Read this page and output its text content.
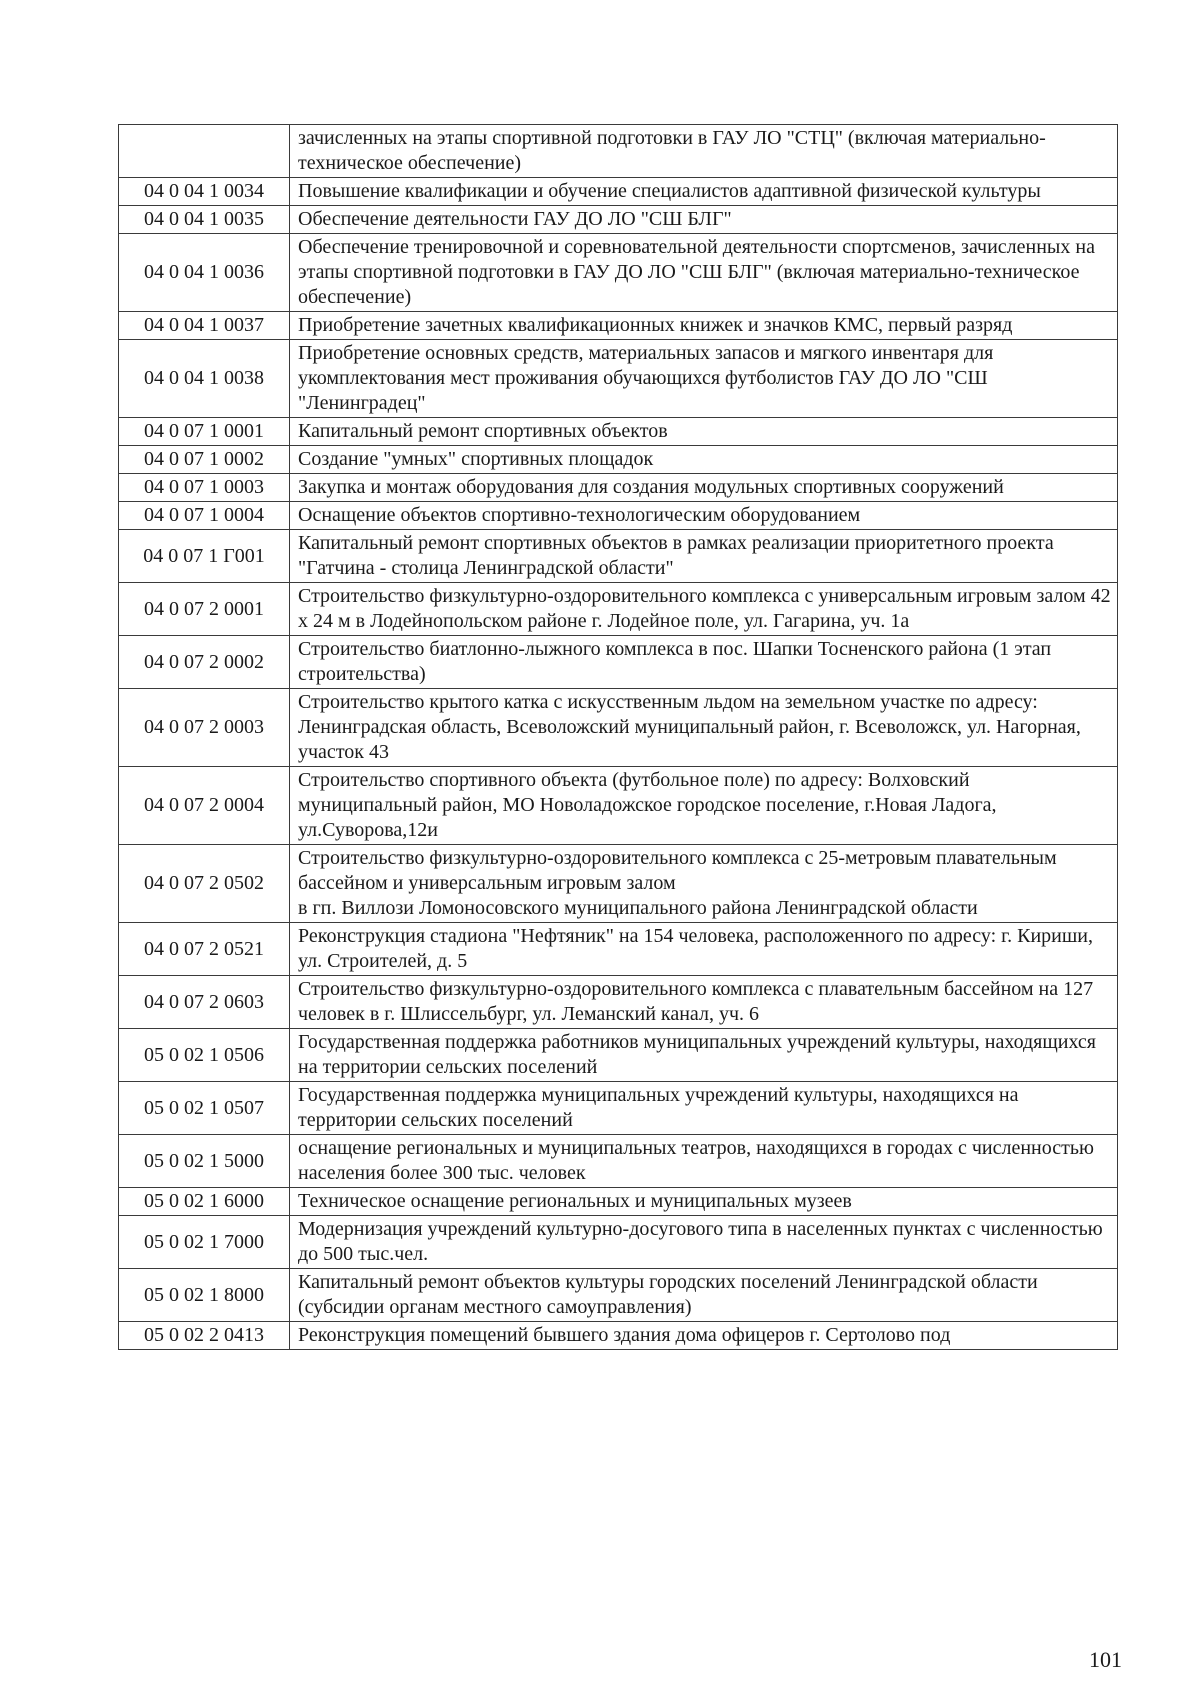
	зачисленных на этапы спортивной подготовки в ГАУ ЛО "СТЦ" (включая материально-техническое обеспечение)
04 0 04 1 0034	Повышение квалификации и обучение специалистов адаптивной физической культуры
04 0 04 1 0035	Обеспечение деятельности ГАУ ДО ЛО "СШ БЛГ"
04 0 04 1 0036	Обеспечение тренировочной и соревновательной деятельности спортсменов, зачисленных на этапы спортивной подготовки в ГАУ ДО ЛО "СШ БЛГ" (включая материально-техническое обеспечение)
04 0 04 1 0037	Приобретение зачетных квалификационных книжек и значков КМС, первый разряд
04 0 04 1 0038	Приобретение основных средств, материальных запасов и мягкого инвентаря для укомплектования мест проживания обучающихся футболистов ГАУ ДО ЛО "СШ "Ленинградец"
04 0 07 1 0001	Капитальный ремонт спортивных объектов
04 0 07 1 0002	Создание "умных" спортивных площадок
04 0 07 1 0003	Закупка и монтаж оборудования для создания модульных спортивных сооружений
04 0 07 1 0004	Оснащение объектов спортивно-технологическим оборудованием
04 0 07 1 Г001	Капитальный ремонт спортивных объектов в рамках реализации приоритетного проекта "Гатчина - столица Ленинградской области"
04 0 07 2 0001	Строительство физкультурно-оздоровительного комплекса с универсальным игровым залом 42 x 24 м в Лодейнопольском районе г. Лодейное поле, ул. Гагарина, уч. 1а
04 0 07 2 0002	Строительство биатлонно-лыжного комплекса в пос. Шапки Тосненского района (1 этап строительства)
04 0 07 2 0003	Строительство крытого катка с искусственным льдом на земельном участке по адресу: Ленинградская область, Всеволожский муниципальный район, г. Всеволожск, ул. Нагорная, участок 43
04 0 07 2 0004	Строительство спортивного объекта (футбольное поле) по адресу: Волховский муниципальный район, МО Новоладожское городское поселение, г.Новая Ладога, ул.Суворова,12и
04 0 07 2 0502	Строительство физкультурно-оздоровительного комплекса с 25-метровым плавательным бассейном и универсальным игровым залом
в гп. Виллози Ломоносовского муниципального района Ленинградской области
04 0 07 2 0521	Реконструкция стадиона "Нефтяник" на 154 человека, расположенного по адресу: г. Кириши, ул. Строителей, д. 5
04 0 07 2 0603	Строительство физкультурно-оздоровительного комплекса с плавательным бассейном на 127 человек в г. Шлиссельбург, ул. Леманский канал, уч. 6
05 0 02 1 0506	Государственная поддержка работников муниципальных учреждений культуры, находящихся на территории сельских поселений
05 0 02 1 0507	Государственная поддержка муниципальных учреждений культуры, находящихся на территории сельских поселений
05 0 02 1 5000	оснащение региональных и муниципальных театров, находящихся в городах с численностью населения более 300 тыс. человек
05 0 02 1 6000	Техническое оснащение региональных и муниципальных музеев
05 0 02 1 7000	Модернизация учреждений культурно-досугового типа в населенных пунктах с численностью до 500 тыс.чел.
05 0 02 1 8000	Капитальный ремонт объектов культуры городских поселений Ленинградской области (субсидии органам местного самоуправления)
05 0 02 2 0413	Реконструкция помещений бывшего здания дома офицеров г. Сертолово под
101
